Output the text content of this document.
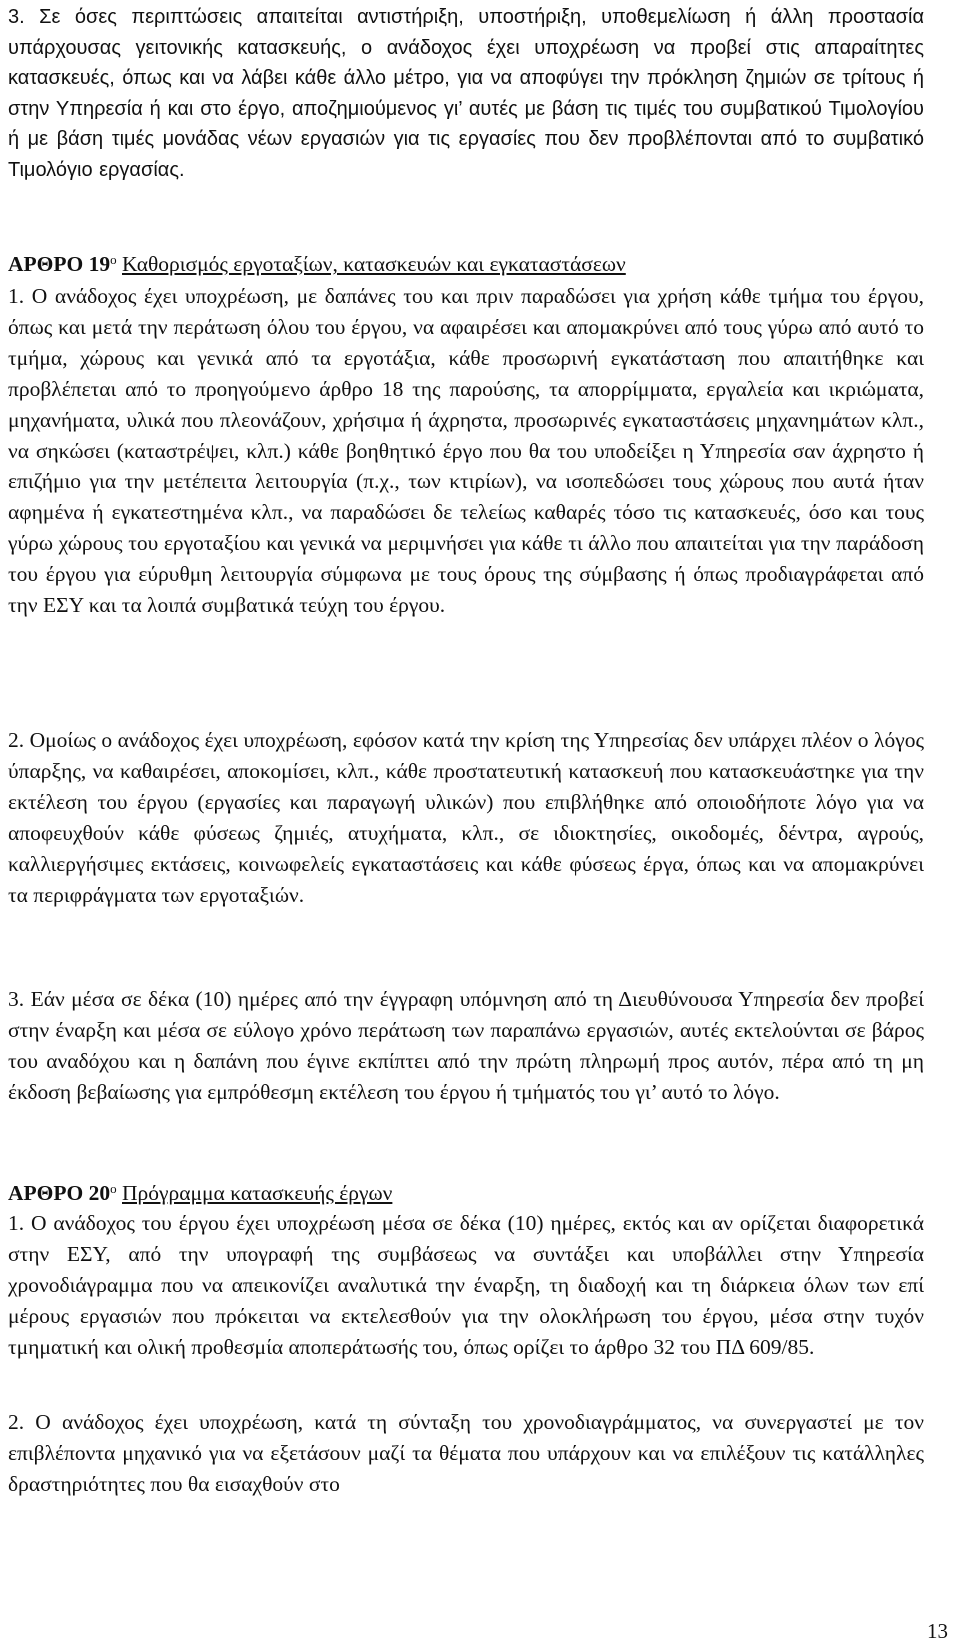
3. Σε όσες περιπτώσεις απαιτείται αντιστήριξη, υποστήριξη, υποθεμελίωση ή άλλη προστασία υπάρχουσας γειτονικής κατασκευής, ο ανάδοχος έχει υποχρέωση να προβεί στις απαραίτητες κατασκευές, όπως και να λάβει κάθε άλλο μέτρο, για να αποφύγει την πρόκληση ζημιών σε τρίτους ή στην Υπηρεσία ή και στο έργο, αποζημιούμενος γι’ αυτές με βάση τις τιμές του συμβατικού Τιμολογίου ή με βάση τιμές μονάδας νέων εργασιών για τις εργασίες που δεν προβλέπονται από το συμβατικό Τιμολόγιο εργασίας.

ΑΡΘΡΟ $19^o$ Καθορισμός εργοταξίων, κατασκευών και εγκαταστάσεων

1. Ο ανάδοχος έχει υποχρέωση, με δαπάνες του και πριν παραδώσει για χρήση κάθε τμήμα του έργου, όπως και μετά την περάτωση όλου του έργου, να αφαιρέσει και απομακρύνει από τους γύρω από αυτό το τμήμα, χώρους και γενικά από τα εργοτάξια, κάθε προσωρινή εγκατάσταση που απαιτήθηκε και προβλέπεται από το προηγούμενο άρθρο 18 της παρούσης, τα απορρίμματα, εργαλεία και ικριώματα, μηχανήματα, υλικά που πλεονάζουν, χρήσιμα ή άχρηστα, προσωρινές εγκαταστάσεις μηχανημάτων κλπ., να σηκώσει (καταστρέψει, κλπ.) κάθε βοηθητικό έργο που θα του υποδείξει η Υπηρεσία σαν άχρηστο ή επιζήμιο για την μετέπειτα λειτουργία (π.χ., των κτιρίων), να ισοπεδώσει τους χώρους που αυτά ήταν αφημένα ή εγκατεστημένα κλπ., να παραδώσει δε τελείως καθαρές τόσο τις κατασκευές, όσο και τους γύρω χώρους του εργοταξίου και γενικά να μεριμνήσει για κάθε τι άλλο που απαιτείται για την παράδοση του έργου για εύρυθμη λειτουργία σύμφωνα με τους όρους της σύμβασης ή όπως προδιαγράφεται από την ΕΣΥ και τα λοιπά συμβατικά τεύχη του έργου.

2. Ομοίως ο ανάδοχος έχει υποχρέωση, εφόσον κατά την κρίση της Υπηρεσίας δεν υπάρχει πλέον ο λόγος ύπαρξης, να καθαιρέσει, αποκομίσει, κλπ., κάθε προστατευτική κατασκευή που κατασκευάστηκε για την εκτέλεση του έργου (εργασίες και παραγωγή υλικών) που επιβλήθηκε από οποιοδήποτε λόγο για να αποφευχθούν κάθε φύσεως ζημιές, ατυχήματα, κλπ., σε ιδιοκτησίες, οικοδομές, δέντρα, αγρούς, καλλιεργήσιμες εκτάσεις, κοινωφελείς εγκαταστάσεις και κάθε φύσεως έργα, όπως και να απομακρύνει τα περιφράγματα των εργοταξιών.

3. Εάν μέσα σε δέκα (10) ημέρες από την έγγραφη υπόμνηση από τη Διευθύνουσα Υπηρεσία δεν προβεί στην έναρξη και μέσα σε εύλογο χρόνο περάτωση των παραπάνω εργασιών, αυτές εκτελούνται σε βάρος του αναδόχου και η δαπάνη που έγινε εκπίπτει από την πρώτη πληρωμή προς αυτόν, πέρα από τη μη έκδοση βεβαίωσης για εμπρόθεσμη εκτέλεση του έργου ή τμήματός του γι’ αυτό το λόγο.

ΑΡΘΡΟ $20^o$ Πρόγραμμα κατασκευής έργων

1. Ο ανάδοχος του έργου έχει υποχρέωση μέσα σε δέκα (10) ημέρες, εκτός και αν ορίζεται διαφορετικά στην ΕΣΥ, από την υπογραφή της συμβάσεως να συντάξει και υποβάλλει στην Υπηρεσία χρονοδιάγραμμα που να απεικονίζει αναλυτικά την έναρξη, τη διαδοχή και τη διάρκεια όλων των επί μέρους εργασιών που πρόκειται να εκτελεσθούν για την ολοκλήρωση του έργου, μέσα στην τυχόν τμηματική και ολική προθεσμία αποπεράτωσής του, όπως ορίζει το άρθρο 32 του ΠΔ 609/85.

2. Ο ανάδοχος έχει υποχρέωση, κατά τη σύνταξη του χρονοδιαγράμματος, να συνεργαστεί με τον επιβλέποντα μηχανικό για να εξετάσουν μαζί τα θέματα που υπάρχουν και να επιλέξουν τις κατάλληλες δραστηριότητες που θα εισαχθούν στο

13
